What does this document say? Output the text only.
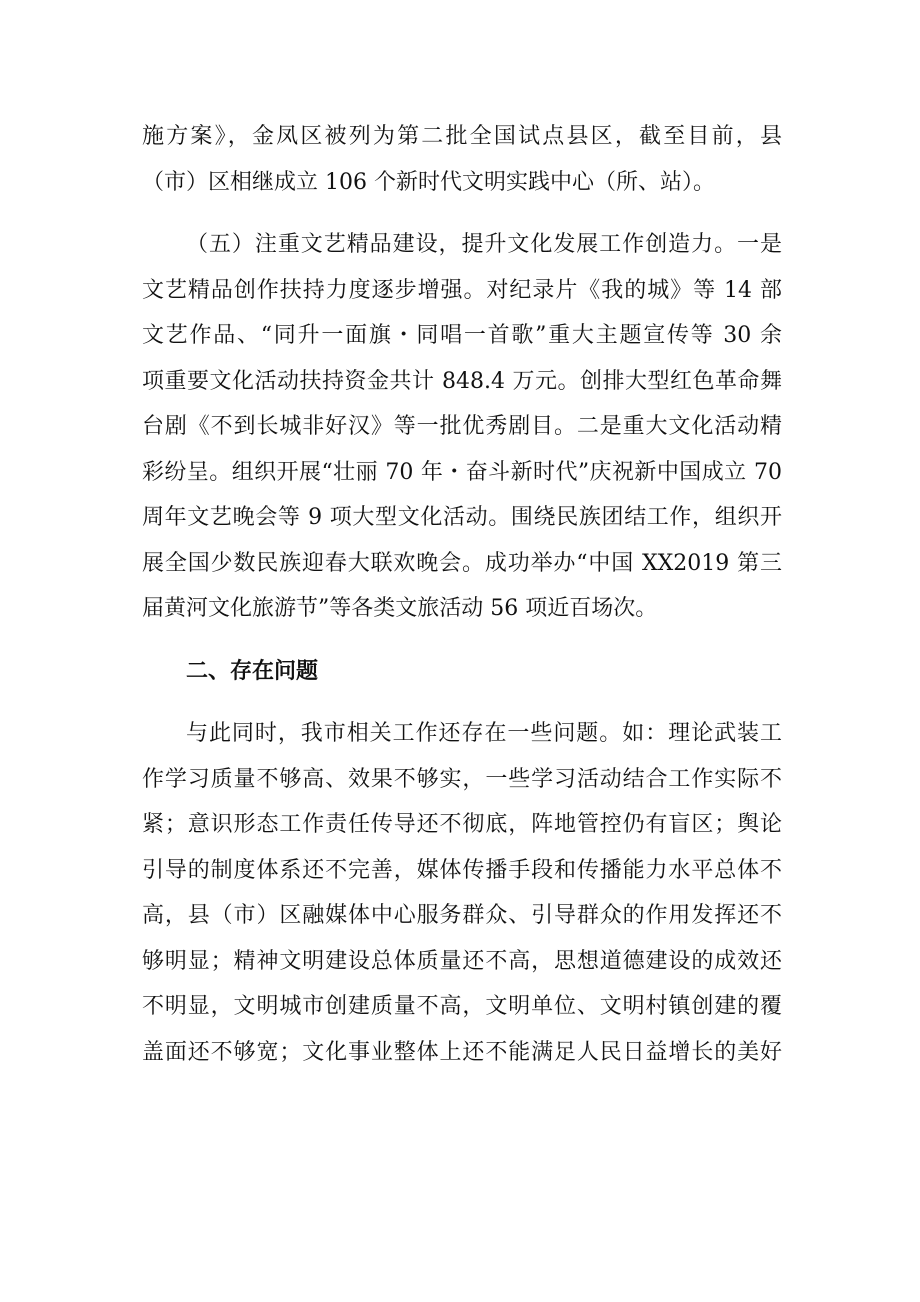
施方案》，金凤区被列为第二批全国试点县区，截至目前，县
（市）区相继成立 106 个新时代文明实践中心（所、站）。
（五）注重文艺精品建设，提升文化发展工作创造力。一是
文艺精品创作扶持力度逐步增强。对纪录片《我的城》等 14 部
文艺作品、“同升一面旗・同唱一首歌”重大主题宣传等 30 余
项重要文化活动扶持资金共计 848.4 万元。创排大型红色革命舞
台剧《不到长城非好汉》等一批优秀剧目。二是重大文化活动精
彩纷呈。组织开展“壮丽 70 年・奋斗新时代”庆祝新中国成立 70
周年文艺晚会等 9 项大型文化活动。围绕民族团结工作，组织开
展全国少数民族迎春大联欢晚会。成功举办“中国 XX2019 第三
届黄河文化旅游节”等各类文旅活动 56 项近百场次。
二、存在问题
与此同时，我市相关工作还存在一些问题。如：理论武装工
作学习质量不够高、效果不够实，一些学习活动结合工作实际不
紧；意识形态工作责任传导还不彻底，阵地管控仍有盲区；舆论
引导的制度体系还不完善，媒体传播手段和传播能力水平总体不
高，县（市）区融媒体中心服务群众、引导群众的作用发挥还不
够明显；精神文明建设总体质量还不高，思想道德建设的成效还
不明显，文明城市创建质量不高，文明单位、文明村镇创建的覆
盖面还不够宽；文化事业整体上还不能满足人民日益增长的美好
